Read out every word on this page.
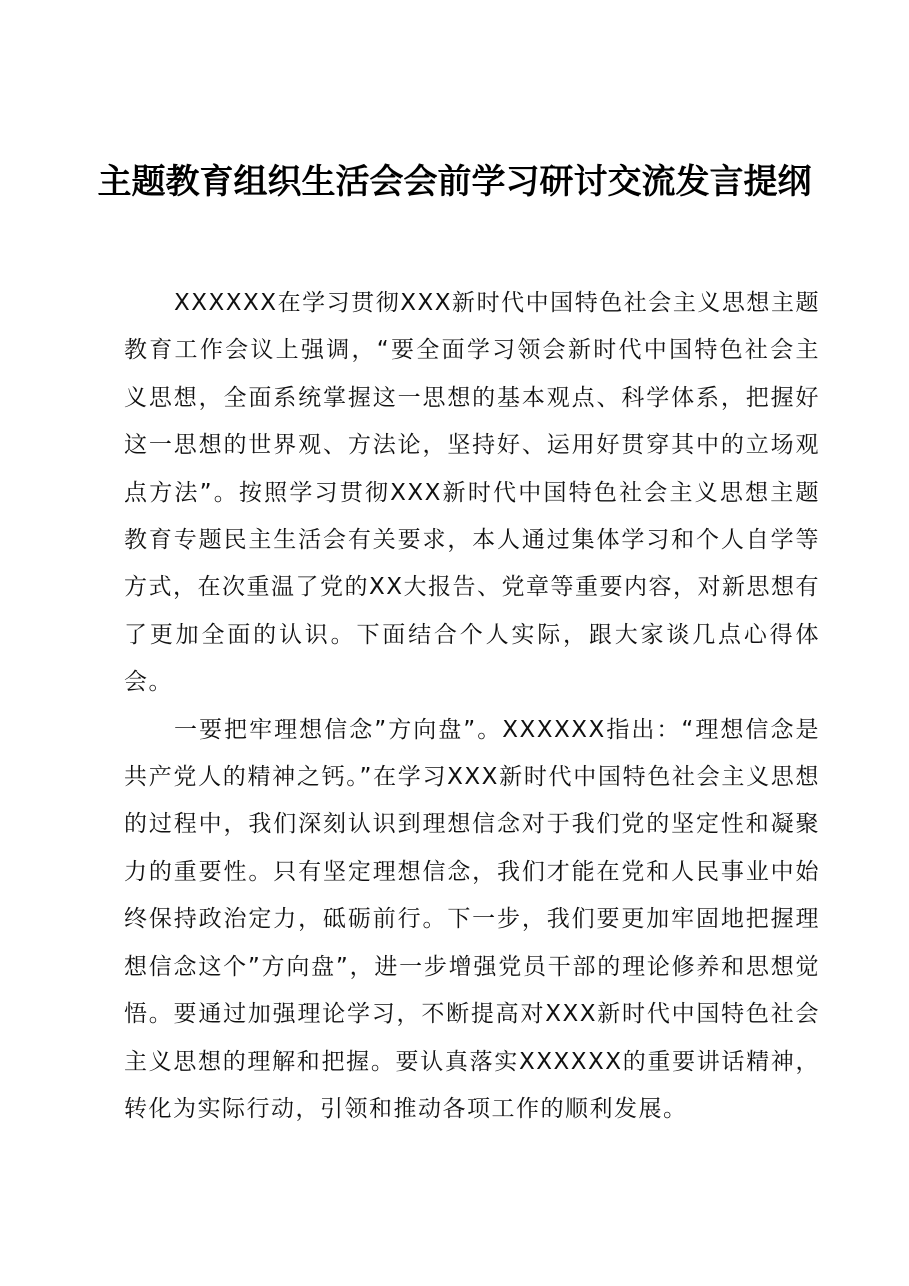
主题教育组织生活会会前学习研讨交流发言提纲

XXXXXX在学习贯彻XXX新时代中国特色社会主义思想主题教育工作会议上强调，“要全面学习领会新时代中国特色社会主义思想，全面系统掌握这一思想的基本观点、科学体系，把握好这一思想的世界观、方法论，坚持好、运用好贯穿其中的立场观点方法”。按照学习贯彻XXX新时代中国特色社会主义思想主题教育专题民主生活会有关要求，本人通过集体学习和个人自学等方式，在次重温了党的XX大报告、党章等重要内容，对新思想有了更加全面的认识。下面结合个人实际，跟大家谈几点心得体会。

一要把牢理想信念”方向盘”。XXXXXX指出：“理想信念是共产党人的精神之钙。”在学习XXX新时代中国特色社会主义思想的过程中，我们深刻认识到理想信念对于我们党的坚定性和凝聚力的重要性。只有坚定理想信念，我们才能在党和人民事业中始终保持政治定力，砥砺前行。下一步，我们要更加牢固地把握理想信念这个”方向盘”，进一步增强党员干部的理论修养和思想觉悟。要通过加强理论学习，不断提高对XXX新时代中国特色社会主义思想的理解和把握。要认真落实XXXXXX的重要讲话精神，转化为实际行动，引领和推动各项工作的顺利发展。
